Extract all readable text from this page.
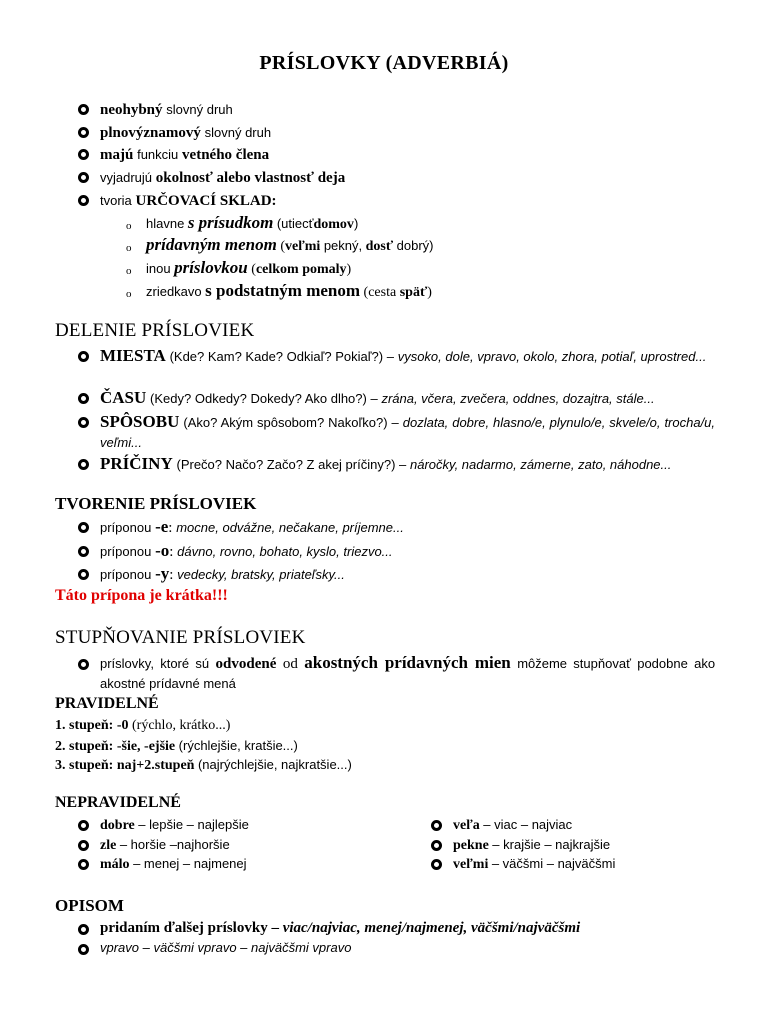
PRÍSLOVKY (ADVERBIÁ)
neohybný slovný druh
plnovýznamový slovný druh
majú funkciu vetného člena
vyjadrujú okolnosť alebo vlastnosť deja
tvoria URČOVACÍ SKLAD:
o hlavne s prísudkom (utiecťdomov)
o prídavným menom (veľmi pekný, dosť dobrý)
o inou príslovkou (celkom pomaly)
o zriedkavo s podstatným menom (cesta späť)
DELENIE PRÍSLOVIEK
MIESTA (Kde? Kam? Kade? Odkiaľ? Pokiaľ?) – vysoko, dole, vpravo, okolo, zhora, potiaľ, uprostred...
ČASU (Kedy? Odkedy? Dokedy? Ako dlho?) – zrána, včera, zvečera, oddnes, dozajtra, stále...
SPÔSOBU (Ako? Akým spôsobom? Nakoľko?) – dozlata, dobre, hlasno/e, plynulo/e, skvele/o, trocha/u, veľmi...
PRÍČINY (Prečo? Načo? Začo? Z akej príčiny?) – náročky, nadarmo, zámerne, zato, náhodne...
TVORENIE PRÍSLOVIEK
príponou -e: mocne, odvážne, nečakane, príjemne...
príponou -o: dávno, rovno, bohato, kyslo, triezvo...
príponou -y: vedecky, bratsky, priateľsky...
Táto prípona je krátka!!!
STUPŇOVANIE PRÍSLOVIEK
príslovky, ktoré sú odvodené od akostných prídavných mien môžeme stupňovať podobne ako akostné prídavné mená
PRAVIDELNÉ
1. stupeň: -0 (rýchlo, krátko...)
2. stupeň: -šie, -ejšie (rýchlejšie, kratšie...)
3. stupeň: naj+2.stupeň (najrýchlejšie, najkratšie...)
NEPRAVIDELNÉ
dobre – lepšie – najlepšie
zle – horšie –najhoršie
málo – menej – najmenej
veľa – viac – najviac
pekne – krajšie – najkrajšie
veľmi – väčšmi – najväčšmi
OPISOM
pridaním ďalšej príslovky – viac/najviac, menej/najmenej, väčšmi/najväčšmi
vpravo – väčšmi vpravo – najväčšmi vpravo
